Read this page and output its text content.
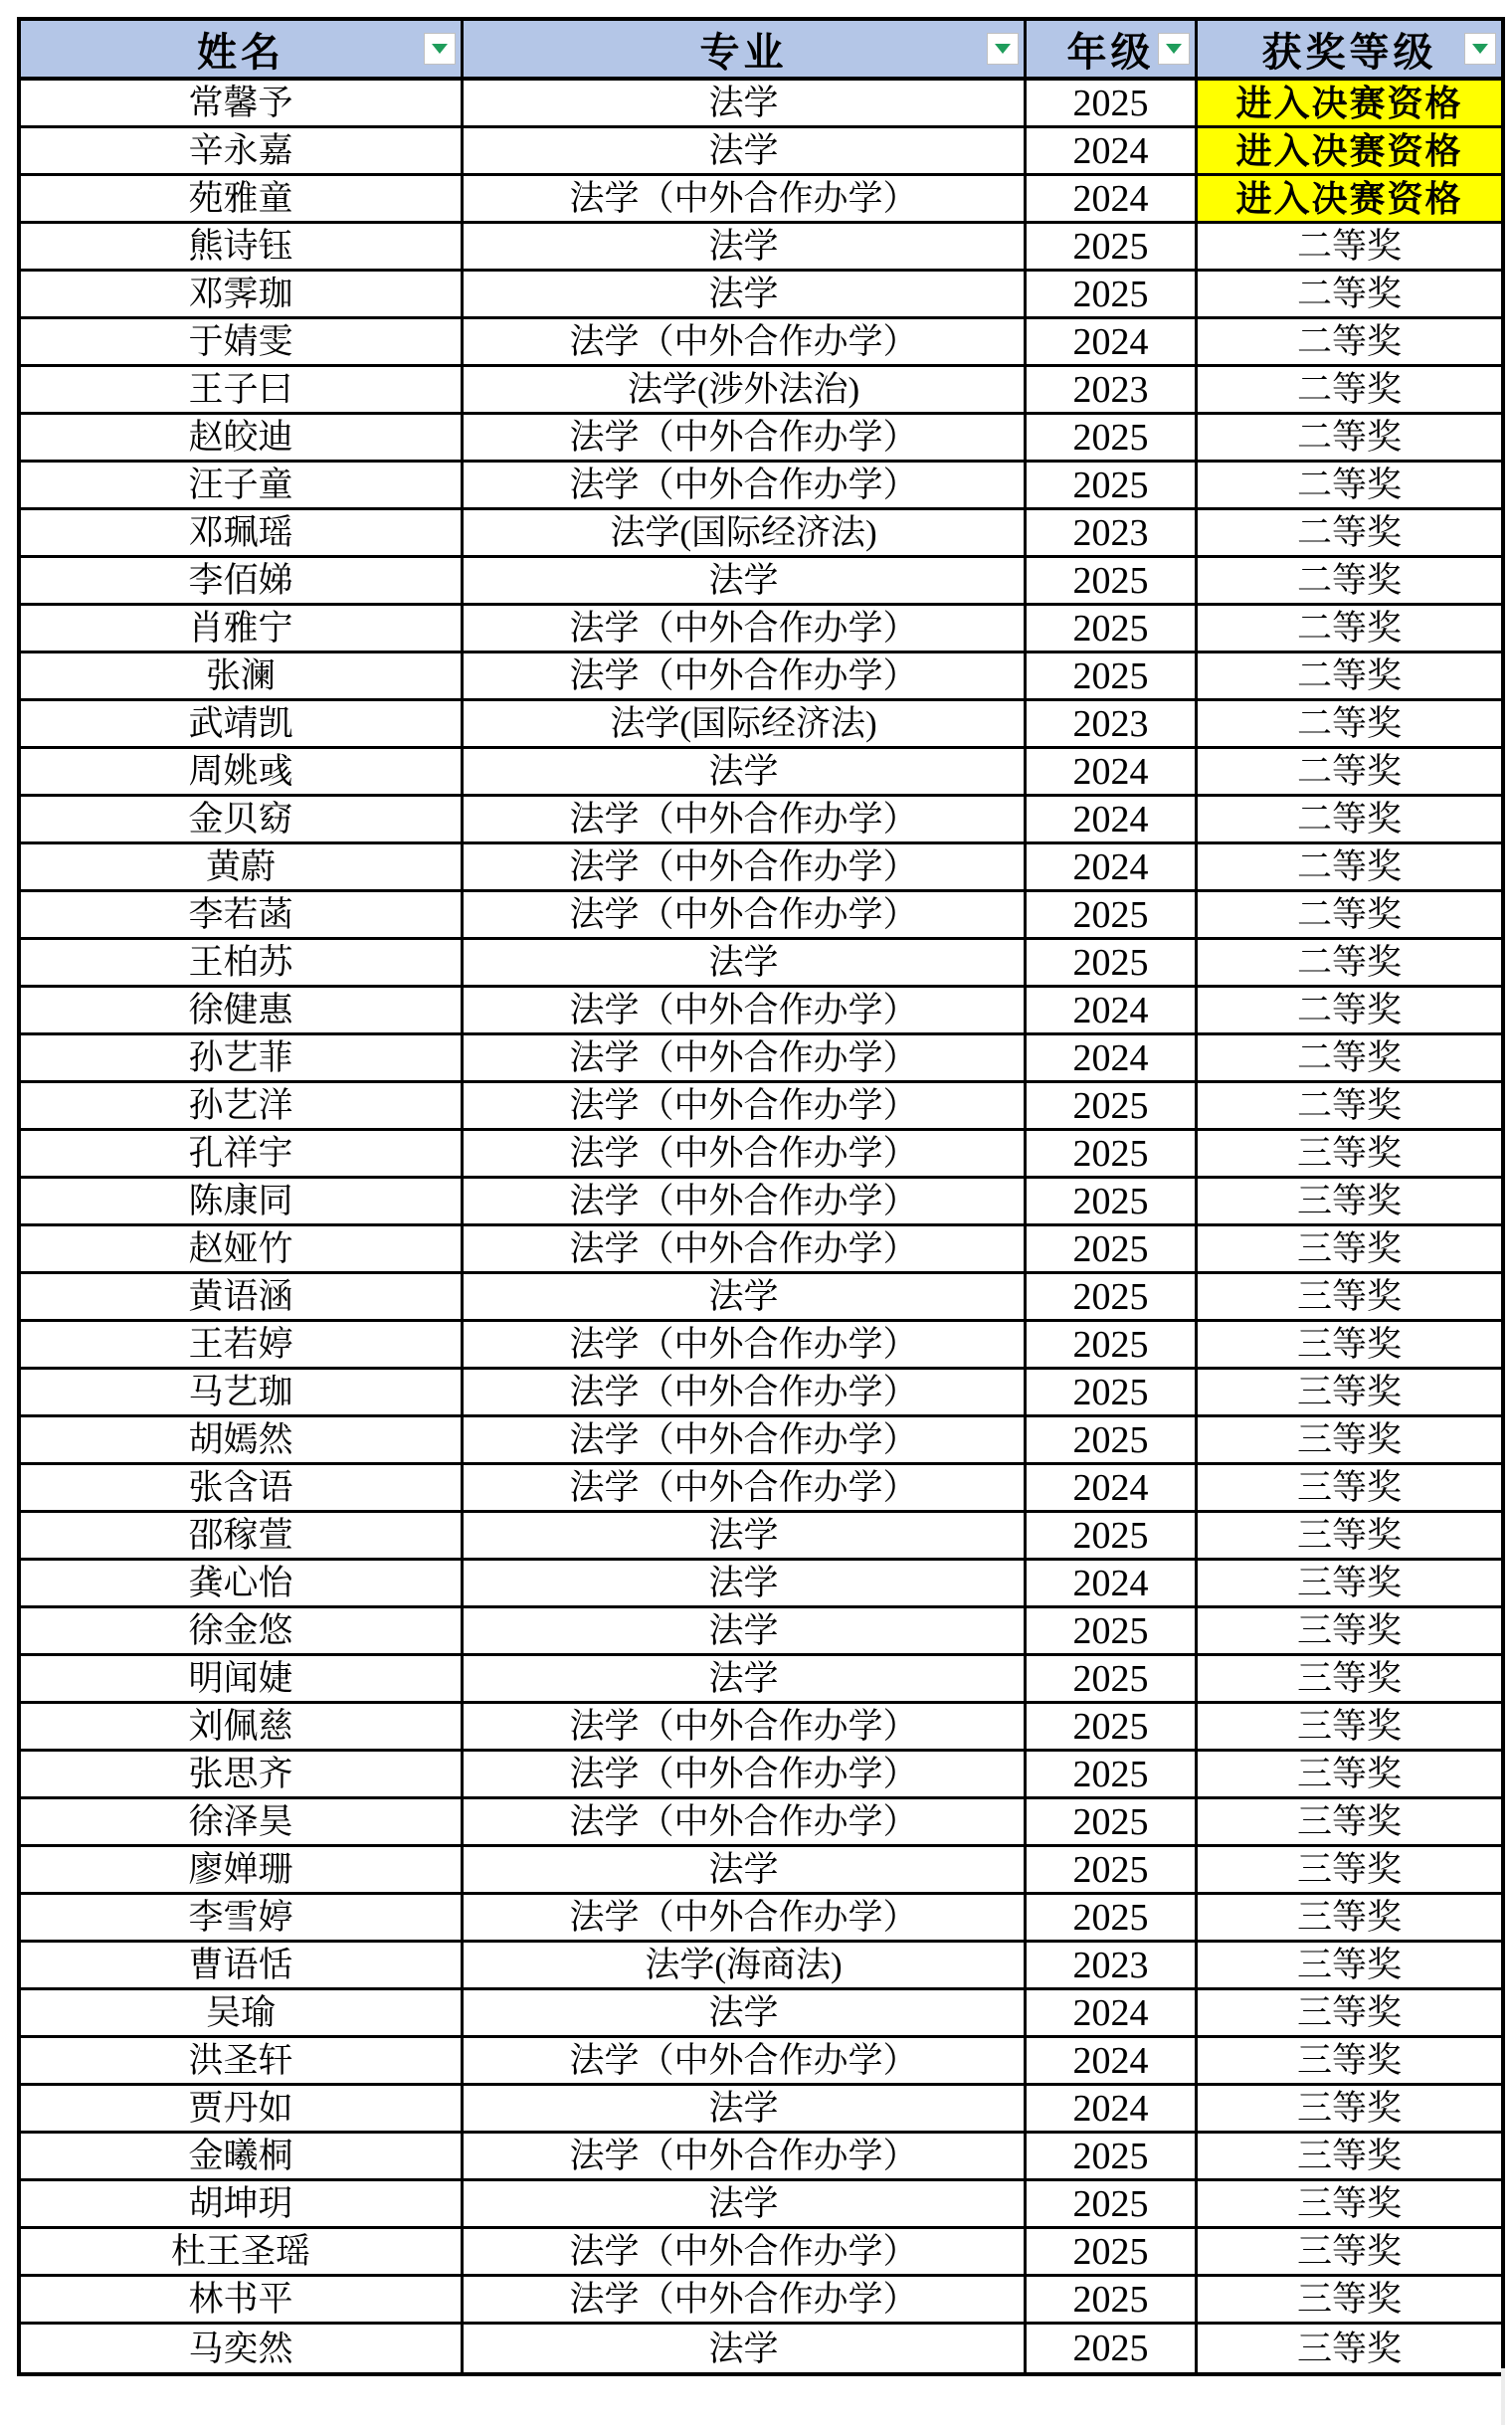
姓名	专业	年级	获奖等级
常馨予	法学	2025	进入决赛资格
辛永嘉	法学	2024	进入决赛资格
苑雅童	法学（中外合作办学）	2024	进入决赛资格
熊诗钰	法学	2025	二等奖
邓霁珈	法学	2025	二等奖
于婧雯	法学（中外合作办学）	2024	二等奖
王子曰	法学(涉外法治)	2023	二等奖
赵皎迪	法学（中外合作办学）	2025	二等奖
汪子童	法学（中外合作办学）	2025	二等奖
邓珮瑶	法学(国际经济法)	2023	二等奖
李佰娣	法学	2025	二等奖
肖雅宁	法学（中外合作办学）	2025	二等奖
张澜	法学（中外合作办学）	2025	二等奖
武靖凯	法学(国际经济法)	2023	二等奖
周姚彧	法学	2024	二等奖
金贝窈	法学（中外合作办学）	2024	二等奖
黄蔚	法学（中外合作办学）	2024	二等奖
李若菡	法学（中外合作办学）	2025	二等奖
王柏苏	法学	2025	二等奖
徐健惠	法学（中外合作办学）	2024	二等奖
孙艺菲	法学（中外合作办学）	2024	二等奖
孙艺洋	法学（中外合作办学）	2025	二等奖
孔祥宇	法学（中外合作办学）	2025	三等奖
陈康同	法学（中外合作办学）	2025	三等奖
赵娅竹	法学（中外合作办学）	2025	三等奖
黄语涵	法学	2025	三等奖
王若婷	法学（中外合作办学）	2025	三等奖
马艺珈	法学（中外合作办学）	2025	三等奖
胡嫣然	法学（中外合作办学）	2025	三等奖
张含语	法学（中外合作办学）	2024	三等奖
邵稼萱	法学	2025	三等奖
龚心怡	法学	2024	三等奖
徐金悠	法学	2025	三等奖
明闻婕	法学	2025	三等奖
刘佩慈	法学（中外合作办学）	2025	三等奖
张思齐	法学（中外合作办学）	2025	三等奖
徐泽昊	法学（中外合作办学）	2025	三等奖
廖婵珊	法学	2025	三等奖
李雪婷	法学（中外合作办学）	2025	三等奖
曹语恬	法学(海商法)	2023	三等奖
吴瑜	法学	2024	三等奖
洪圣轩	法学（中外合作办学）	2024	三等奖
贾丹如	法学	2024	三等奖
金曦桐	法学（中外合作办学）	2025	三等奖
胡坤玥	法学	2025	三等奖
杜王圣瑶	法学（中外合作办学）	2025	三等奖
林书平	法学（中外合作办学）	2025	三等奖
马奕然	法学	2025	三等奖
